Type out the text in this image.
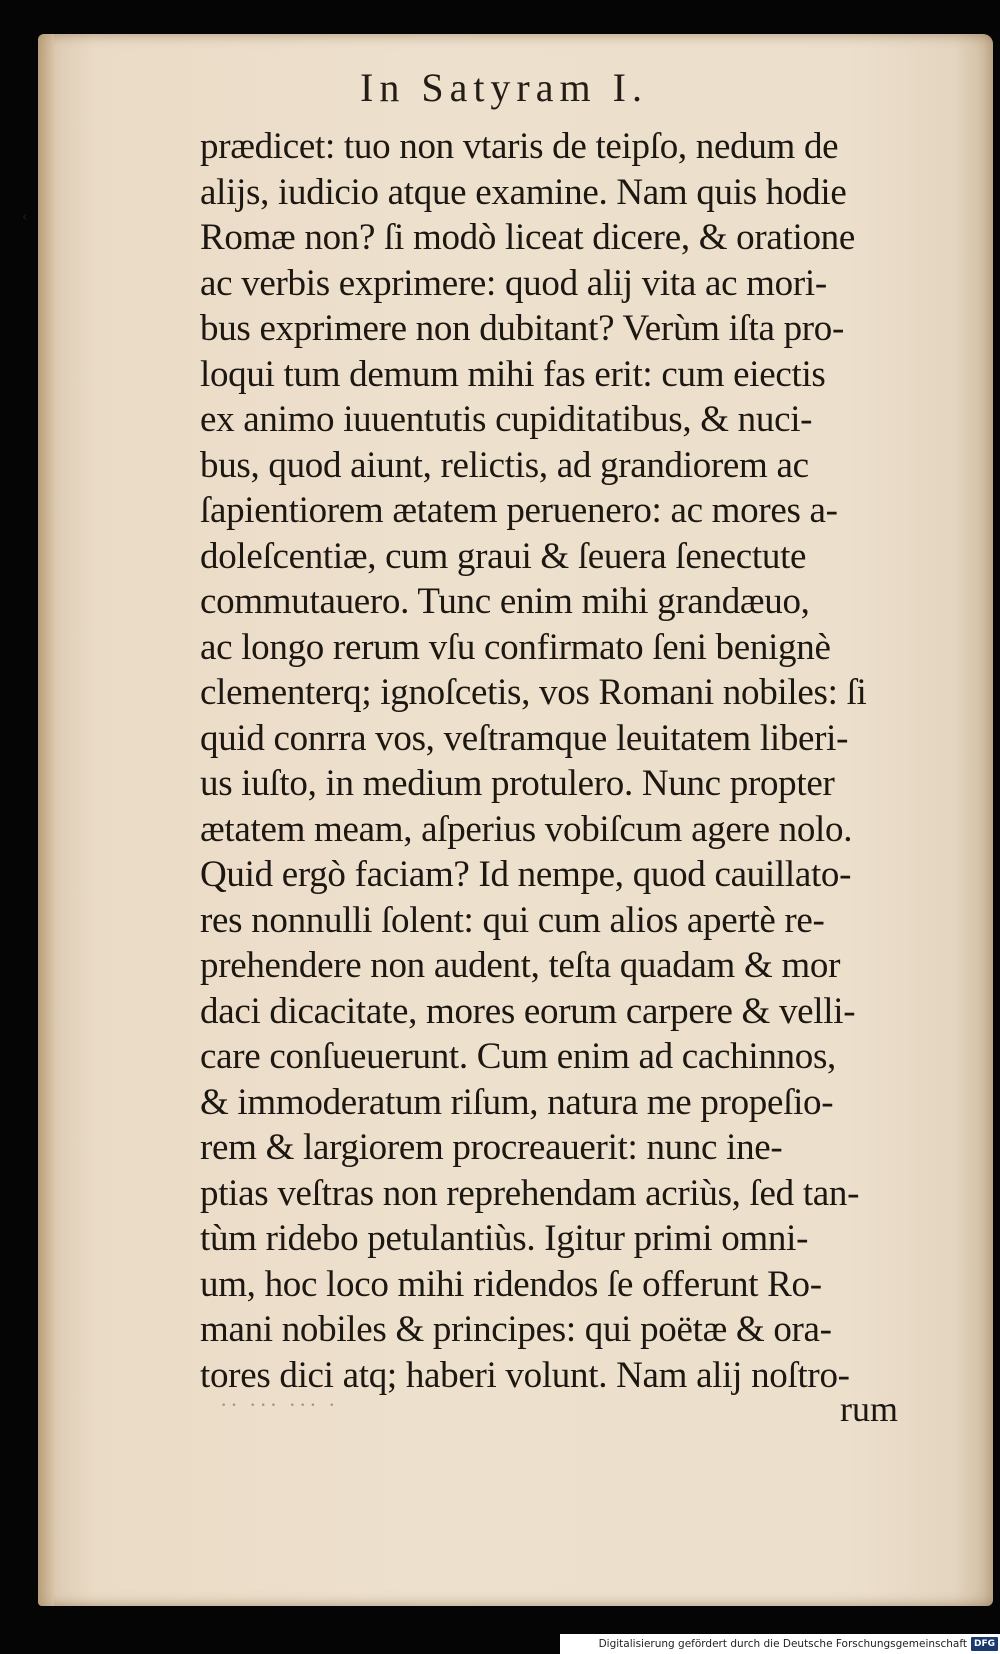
‹
In Satyram I.
prædicet: tuo non vtaris de teipſo, nedum de
alijs, iudicio atque examine. Nam quis hodie
Romæ non? ſi modò liceat dicere, & oratione
ac verbis exprimere: quod alij vita ac mori-
bus exprimere non dubitant? Verùm iſta pro-
loqui tum demum mihi fas erit: cum eiectis
ex animo iuuentutis cupiditatibus, & nuci-
bus, quod aiunt, relictis, ad grandiorem ac
ſapientiorem ætatem peruenero: ac mores a-
doleſcentiæ, cum graui & ſeuera ſenectute
commutauero. Tunc enim mihi grandæuo,
ac longo rerum vſu confirmato ſeni benignè
clementerq; ignoſcetis, vos Romani nobiles: ſi
quid conrra vos, veſtramque leuitatem liberi-
us iuſto, in medium protulero. Nunc propter
ætatem meam, aſperius vobiſcum agere nolo.
Quid ergò faciam? Id nempe, quod cauillato-
res nonnulli ſolent: qui cum alios apertè re-
prehendere non audent, teſta quadam & mor
daci dicacitate, mores eorum carpere & velli-
care conſueuerunt. Cum enim ad cachinnos,
& immoderatum riſum, natura me propeſio-
rem & largiorem procreauerit: nunc ine-
ptias veſtras non reprehendam acriùs, ſed tan-
tùm ridebo petulantiùs. Igitur primi omni-
um, hoc loco mihi ridendos ſe offerunt Ro-
mani nobiles & principes: qui poëtæ & ora-
tores dici atq; haberi volunt. Nam alij noſtro-
·· ··· ··· ·	rum
Digitalisierung gefördert durch die Deutsche Forschungsgemeinschaft DFG
